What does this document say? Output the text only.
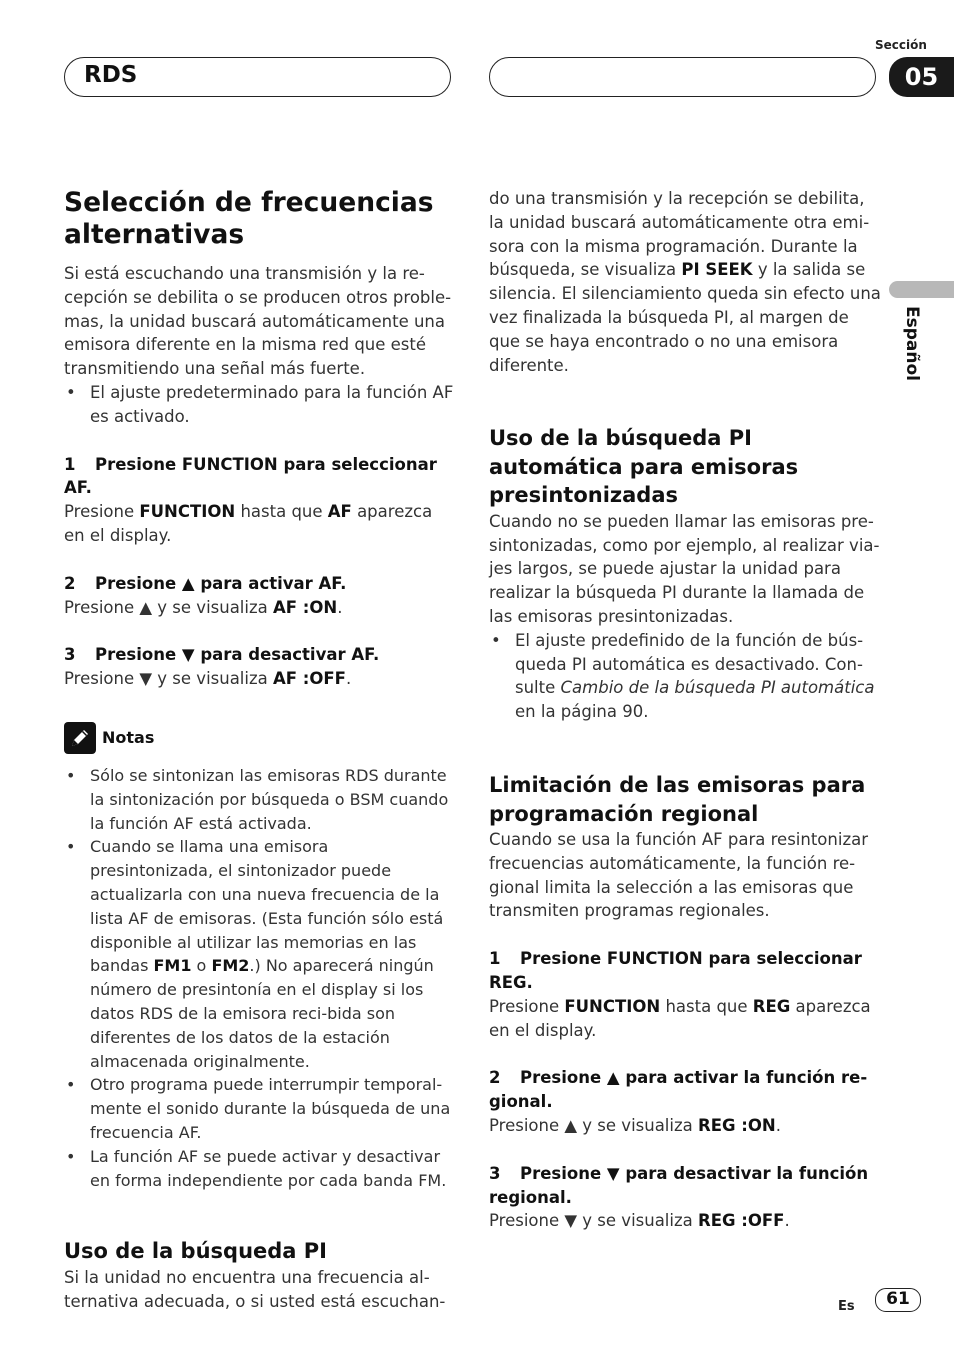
RDS
Sección
05
Español
Selección de frecuencias alternativas

Si está escuchando una transmisión y la re-cepción se debilita o se producen otros proble-mas, la unidad buscará automáticamente una emisora diferente en la misma red que esté transmitiendo una señal más fuerte.

• El ajuste predeterminado para la función AF es activado.

1 Presione FUNCTION para seleccionar AF.

Presione FUNCTION hasta que AF aparezca en el display.

2 Presione ▲ para activar AF.

Presione ▲ y se visualiza AF :ON.

3 Presione ▼ para desactivar AF.

Presione ▼ y se visualiza AF :OFF.

Notas

• Sólo se sintonizan las emisoras RDS durante la sintonización por búsqueda o BSM cuando la función AF está activada.

• Cuando se llama una emisora presintonizada, el sintonizador puede actualizarla con una nueva frecuencia de la lista AF de emisoras. (Esta función sólo está disponible al utilizar las memorias en las bandas FM1 o FM2.) No aparecerá ningún número de presintonía en el display si los datos RDS de la emisora reci-bida son diferentes de los datos de la estación almacenada originalmente.

• Otro programa puede interrumpir temporal-mente el sonido durante la búsqueda de una frecuencia AF.

• La función AF se puede activar y desactivar en forma independiente por cada banda FM.

Uso de la búsqueda PI

Si la unidad no encuentra una frecuencia al-ternativa adecuada, o si usted está escuchan-

do una transmisión y la recepción se debilita, la unidad buscará automáticamente otra emi-sora con la misma programación. Durante la búsqueda, se visualiza PI SEEK y la salida se silencia. El silenciamiento queda sin efecto una vez finalizada la búsqueda PI, al margen de que se haya encontrado o no una emisora diferente.

Uso de la búsqueda PI automática para emisoras presintonizadas

Cuando no se pueden llamar las emisoras pre-sintonizadas, como por ejemplo, al realizar via-jes largos, se puede ajustar la unidad para realizar la búsqueda PI durante la llamada de las emisoras presintonizadas.

• El ajuste predefinido de la función de bús-queda PI automática es desactivado. Con-sulte Cambio de la búsqueda PI automática en la página 90.

Limitación de las emisoras para programación regional

Cuando se usa la función AF para resintonizar frecuencias automáticamente, la función re-gional limita la selección a las emisoras que transmiten programas regionales.

1 Presione FUNCTION para seleccionar REG.

Presione FUNCTION hasta que REG aparezca en el display.

2 Presione ▲ para activar la función re-gional.

Presione ▲ y se visualiza REG :ON.

3 Presione ▼ para desactivar la función regional.

Presione ▼ y se visualiza REG :OFF.

Es	61
